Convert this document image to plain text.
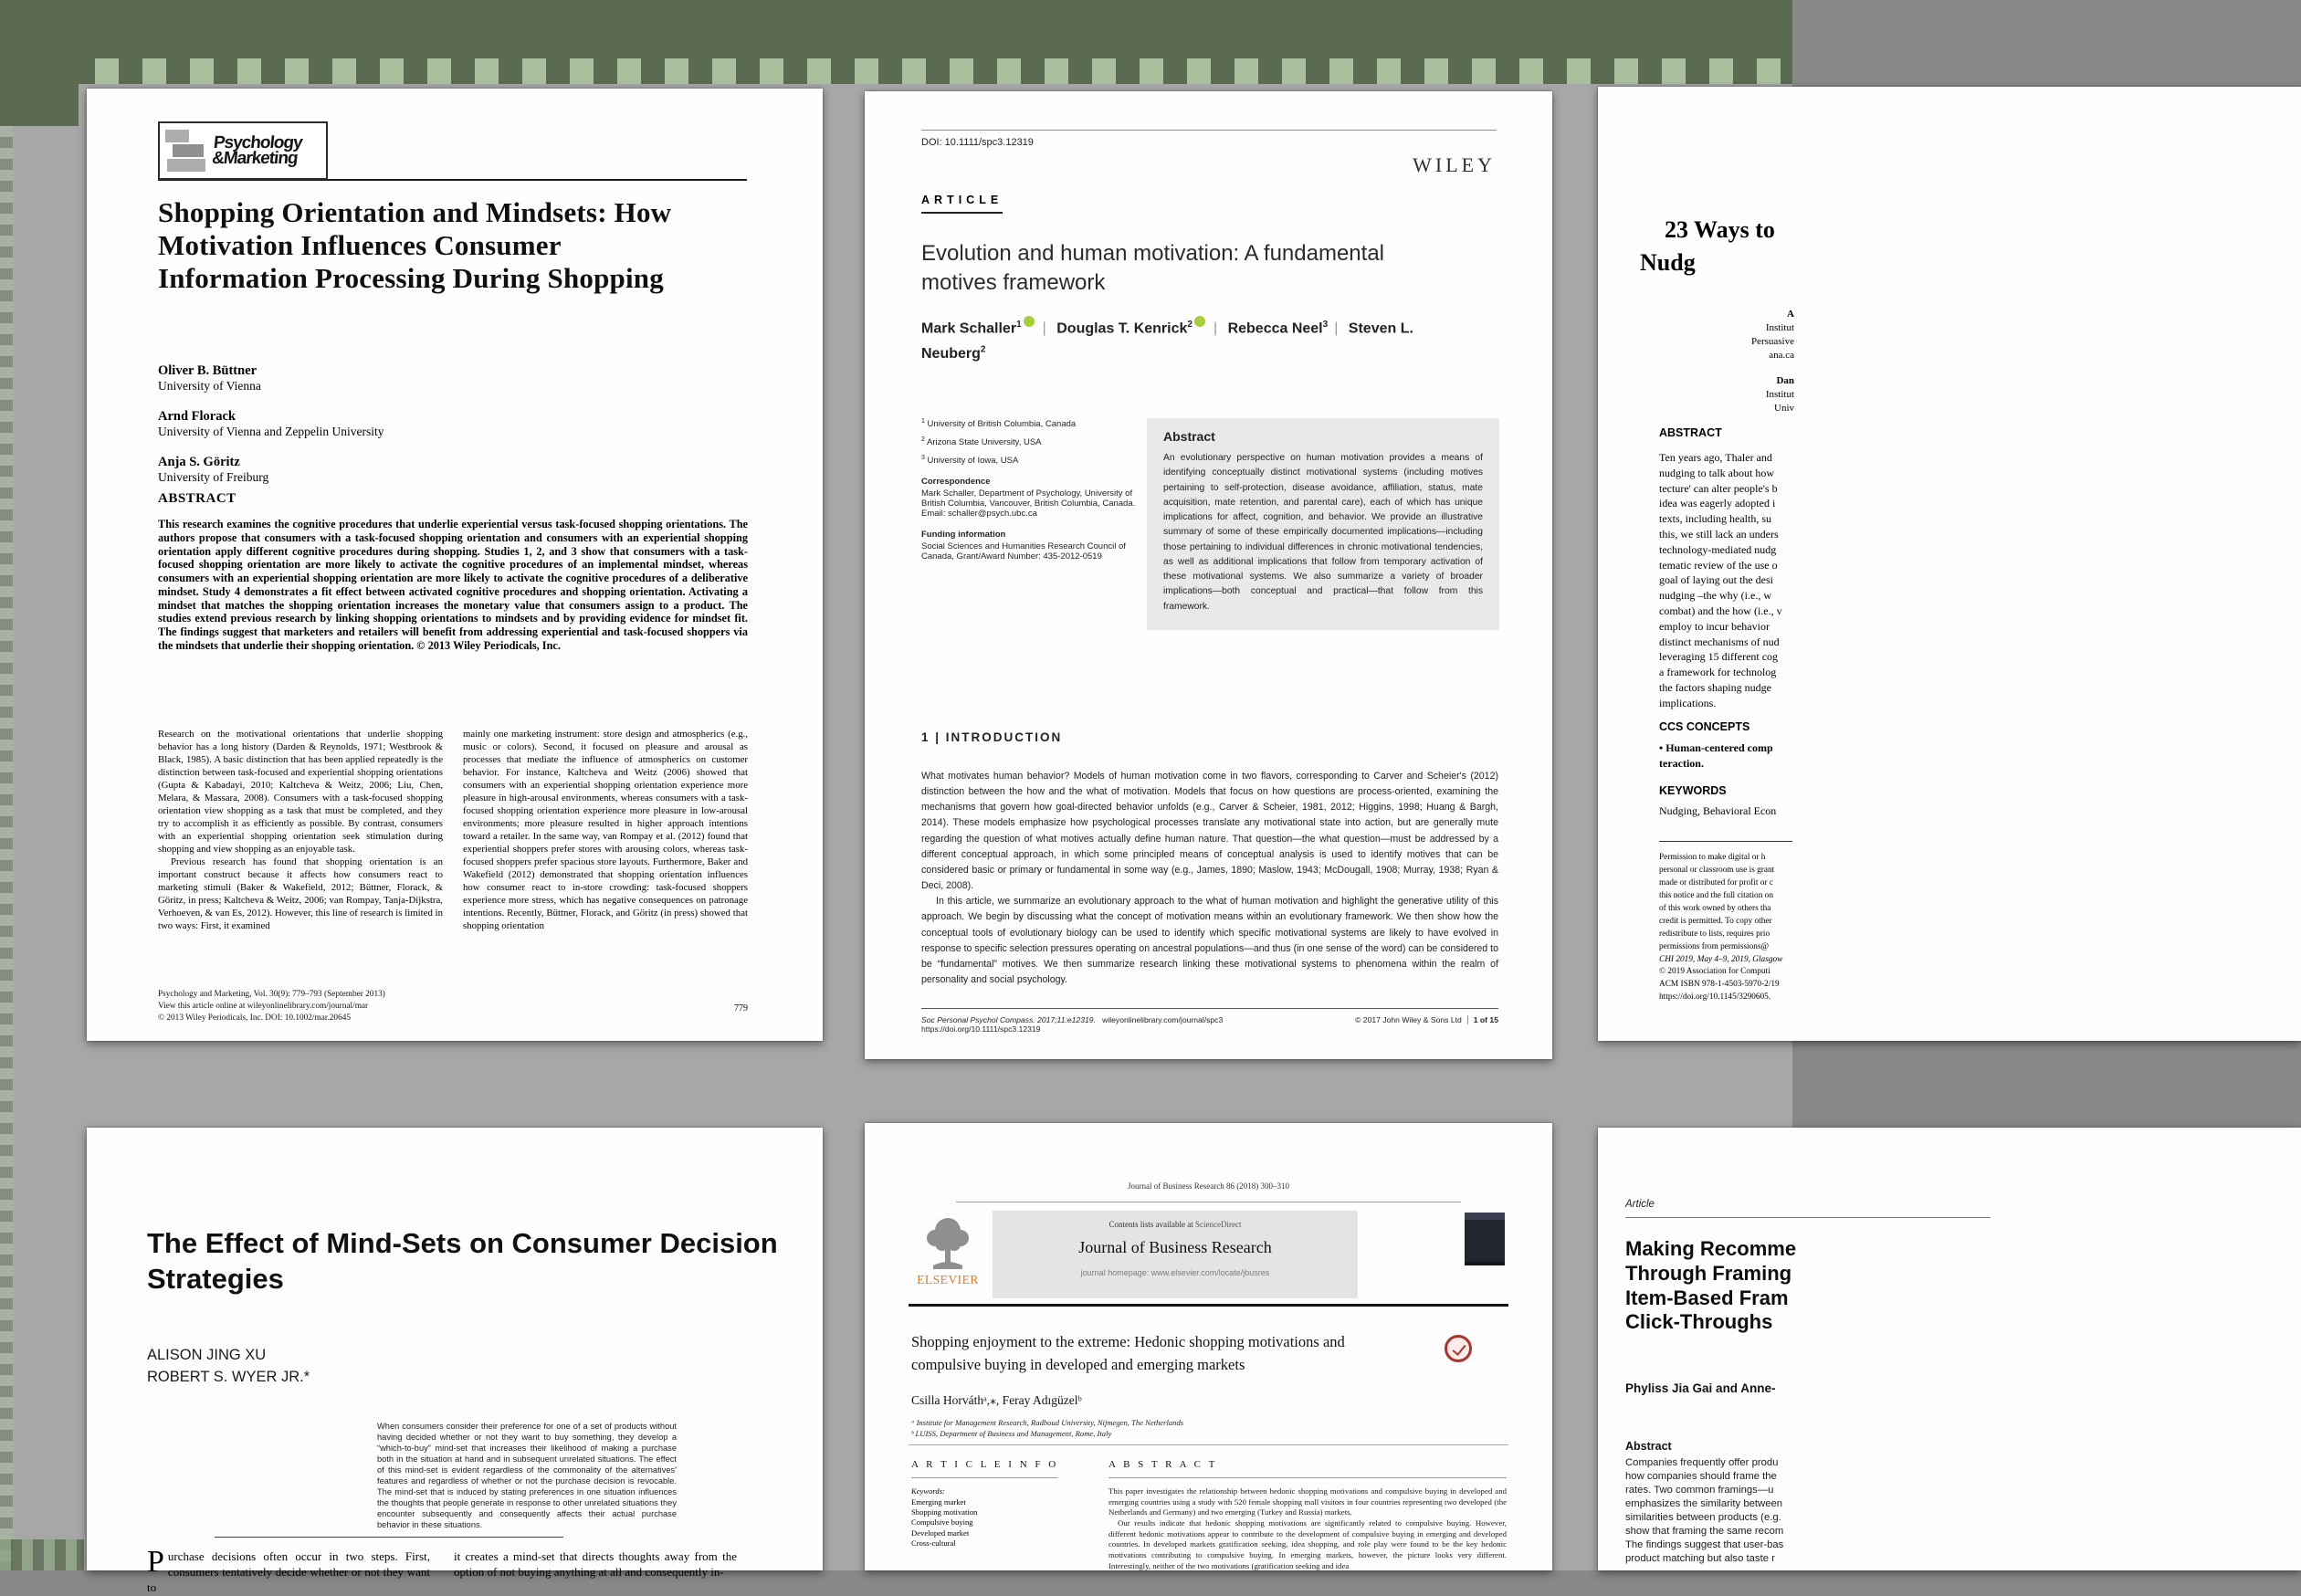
Psychology
&Marketing
Shopping Orientation and Mindsets: How Motivation Influences Consumer Information Processing During Shopping
Oliver B. Büttner
University of Vienna
Arnd Florack
University of Vienna and Zeppelin University
Anja S. Göritz
University of Freiburg
ABSTRACT
This research examines the cognitive procedures that underlie experiential versus task-focused shopping orientations. The authors propose that consumers with a task-focused shopping orientation and consumers with an experiential shopping orientation apply different cognitive procedures during shopping. Studies 1, 2, and 3 show that consumers with a task-focused shopping orientation are more likely to activate the cognitive procedures of an implemental mindset, whereas consumers with an experiential shopping orientation are more likely to activate the cognitive procedures of a deliberative mindset. Study 4 demonstrates a fit effect between activated cognitive procedures and shopping orientation. Activating a mindset that matches the shopping orientation increases the monetary value that consumers assign to a product. The studies extend previous research by linking shopping orientations to mindsets and by providing evidence for mindset fit. The findings suggest that marketers and retailers will benefit from addressing experiential and task-focused shoppers via the mindsets that underlie their shopping orientation. © 2013 Wiley Periodicals, Inc.
Research on the motivational orientations that underlie shopping behavior has a long history (Darden & Reynolds, 1971; Westbrook & Black, 1985). A basic distinction that has been applied repeatedly is the distinction between task-focused and experiential shopping orientations (Gupta & Kabadayi, 2010; Kaltcheva & Weitz, 2006; Liu, Chen, Melara, & Massara, 2008). Consumers with a task-focused shopping orientation view shopping as a task that must be completed, and they try to accomplish it as efficiently as possible. By contrast, consumers with an experiential shopping orientation seek stimulation during shopping and view shopping as an enjoyable task.
Previous research has found that shopping orientation is an important construct because it affects how consumers react to marketing stimuli (Baker & Wakefield, 2012; Büttner, Florack, & Göritz, in press; Kaltcheva & Weitz, 2006; van Rompay, Tanja-Dijkstra, Verhoeven, & van Es, 2012). However, this line of research is limited in two ways: First, it examined
mainly one marketing instrument: store design and atmospherics (e.g., music or colors). Second, it focused on pleasure and arousal as processes that mediate the influence of atmospherics on customer behavior. For instance, Kaltcheva and Weitz (2006) showed that consumers with an experiential shopping orientation experience more pleasure in high-arousal environments, whereas consumers with a task-focused shopping orientation experience more pleasure in low-arousal environments; more pleasure resulted in higher approach intentions toward a retailer. In the same way, van Rompay et al. (2012) found that experiential shoppers prefer stores with arousing colors, whereas task-focused shoppers prefer spacious store layouts. Furthermore, Baker and Wakefield (2012) demonstrated that shopping orientation influences how consumer react to in-store crowding: task-focused shoppers experience more stress, which has negative consequences on patronage intentions. Recently, Büttner, Florack, and Göritz (in press) showed that shopping orientation
Psychology and Marketing, Vol. 30(9): 779–793 (September 2013)
View this article online at wileyonlinelibrary.com/journal/mar
© 2013 Wiley Periodicals, Inc. DOI: 10.1002/mar.20645
779
DOI: 10.1111/spc3.12319
WILEY
ARTICLE
Evolution and human motivation: A fundamental motives framework
Mark Schaller$^1$ | Douglas T. Kenrick$^2$ | Rebecca Neel$^3$ | Steven L. Neuberg$^2$
$^1$ University of British Columbia, Canada
$^2$ Arizona State University, USA
$^3$ University of Iowa, USA
Correspondence
Mark Schaller, Department of Psychology, University of British Columbia, Vancouver, British Columbia, Canada.
Email: schaller@psych.ubc.ca
Funding information
Social Sciences and Humanities Research Council of Canada, Grant/Award Number: 435-2012-0519
Abstract
An evolutionary perspective on human motivation provides a means of identifying conceptually distinct motivational systems (including motives pertaining to self-protection, disease avoidance, affiliation, status, mate acquisition, mate retention, and parental care), each of which has unique implications for affect, cognition, and behavior. We provide an illustrative summary of some of these empirically documented implications—including those pertaining to individual differences in chronic motivational tendencies, as well as additional implications that follow from temporary activation of these motivational systems. We also summarize a variety of broader implications—both conceptual and practical—that follow from this framework.
1 | INTRODUCTION
What motivates human behavior? Models of human motivation come in two flavors, corresponding to Carver and Scheier's (2012) distinction between the how and the what of motivation. Models that focus on how questions are process-oriented, examining the mechanisms that govern how goal-directed behavior unfolds (e.g., Carver & Scheier, 1981, 2012; Higgins, 1998; Huang & Bargh, 2014). These models emphasize how psychological processes translate any motivational state into action, but are generally mute regarding the question of what motives actually define human nature. That question—the what question—must be addressed by a different conceptual approach, in which some principled means of conceptual analysis is used to identify motives that can be considered basic or primary or fundamental in some way (e.g., James, 1890; Maslow, 1943; McDougall, 1908; Murray, 1938; Ryan & Deci, 2008).
In this article, we summarize an evolutionary approach to the what of human motivation and highlight the generative utility of this approach. We begin by discussing what the concept of motivation means within an evolutionary framework. We then show how the conceptual tools of evolutionary biology can be used to identify which specific motivational systems are likely to have evolved in response to specific selection pressures operating on ancestral populations—and thus (in one sense of the word) can be considered to be “fundamental” motives. We then summarize research linking these motivational systems to phenomena within the realm of personality and social psychology.
© 2017 John Wiley & Sons Ltd 1 of 15
Soc Personal Psychol Compass. 2017;11:e12319. wileyonlinelibrary.com/journal/spc3
https://doi.org/10.1111/spc3.12319
23 Ways to
Nudg
A
Institut
Persuasive
ana.ca
Dan
Institut
Univ
ABSTRACT
Ten years ago, Thaler and
nudging to talk about how
tecture' can alter people's b
idea was eagerly adopted i
texts, including health, su
this, we still lack an unders
technology-mediated nudg
tematic review of the use o
goal of laying out the desi
nudging –the why (i.e., w
combat) and the how (i.e., v
employ to incur behavior
distinct mechanisms of nud
leveraging 15 different cog
a framework for technolog
the factors shaping nudge
implications.
CCS CONCEPTS
• Human-centered comp
teraction.
KEYWORDS
Nudging, Behavioral Econ
Permission to make digital or h
personal or classroom use is grant
made or distributed for profit or c
this notice and the full citation on
of this work owned by others tha
credit is permitted. To copy other
redistribute to lists, requires prio
permissions from permissions@
CHI 2019, May 4–9, 2019, Glasgow
© 2019 Association for Computi
ACM ISBN 978-1-4503-5970-2/19
https://doi.org/10.1145/3290605.
The Effect of Mind-Sets on Consumer Decision Strategies
ALISON JING XU
ROBERT S. WYER JR.*
When consumers consider their preference for one of a set of products without having decided whether or not they want to buy something, they develop a “which-to-buy” mind-set that increases their likelihood of making a purchase both in the situation at hand and in subsequent unrelated situations. The effect of this mind-set is evident regardless of the commonality of the alternatives' features and regardless of whether or not the purchase decision is revocable. The mind-set that is induced by stating preferences in one situation influences the thoughts that people generate in response to other unrelated situations they encounter subsequently and consequently affects their actual purchase behavior in these situations.
Purchase decisions often occur in two steps. First, consumers tentatively decide whether or not they want to
it creates a mind-set that directs thoughts away from the option of not buying anything at all and consequently in-
Journal of Business Research 86 (2018) 300–310
ELSEVIER
Contents lists available at ScienceDirect
Journal of Business Research
journal homepage: www.elsevier.com/locate/jbusres
Shopping enjoyment to the extreme: Hedonic shopping motivations and compulsive buying in developed and emerging markets
Csilla Horváthᵃ,⁎, Feray Adıgüzelᵇ
ᵃ Institute for Management Research, Radboud University, Nijmegen, The Netherlands
ᵇ LUISS, Department of Business and Management, Rome, Italy
A R T I C L E I N F O	A B S T R A C T
Keywords:
Emerging market
Shopping motivation
Compulsive buying
Developed market
Cross-cultural
This paper investigates the relationship between hedonic shopping motivations and compulsive buying in developed and emerging countries using a study with 520 female shopping mall visitors in four countries representing two developed (the Netherlands and Germany) and two emerging (Turkey and Russia) markets.
Our results indicate that hedonic shopping motivations are significantly related to compulsive buying. However, different hedonic motivations appear to contribute to the development of compulsive buying in emerging and developed countries. In developed markets gratification seeking, idea shopping, and role play were found to be the key hedonic motivations contributing to compulsive buying. In emerging markets, however, the picture looks very different. Interestingly, neither of the two motivations (gratification seeking and idea
Article
Making Recomme
Through Framing
Item-Based Fram
Click-Throughs
Phyliss Jia Gai and Anne-
Abstract
Companies frequently offer produ
how companies should frame the
rates. Two common framings—u
emphasizes the similarity between
similarities between products (e.g.
show that framing the same recom
The findings suggest that user-bas
product matching but also taste r
